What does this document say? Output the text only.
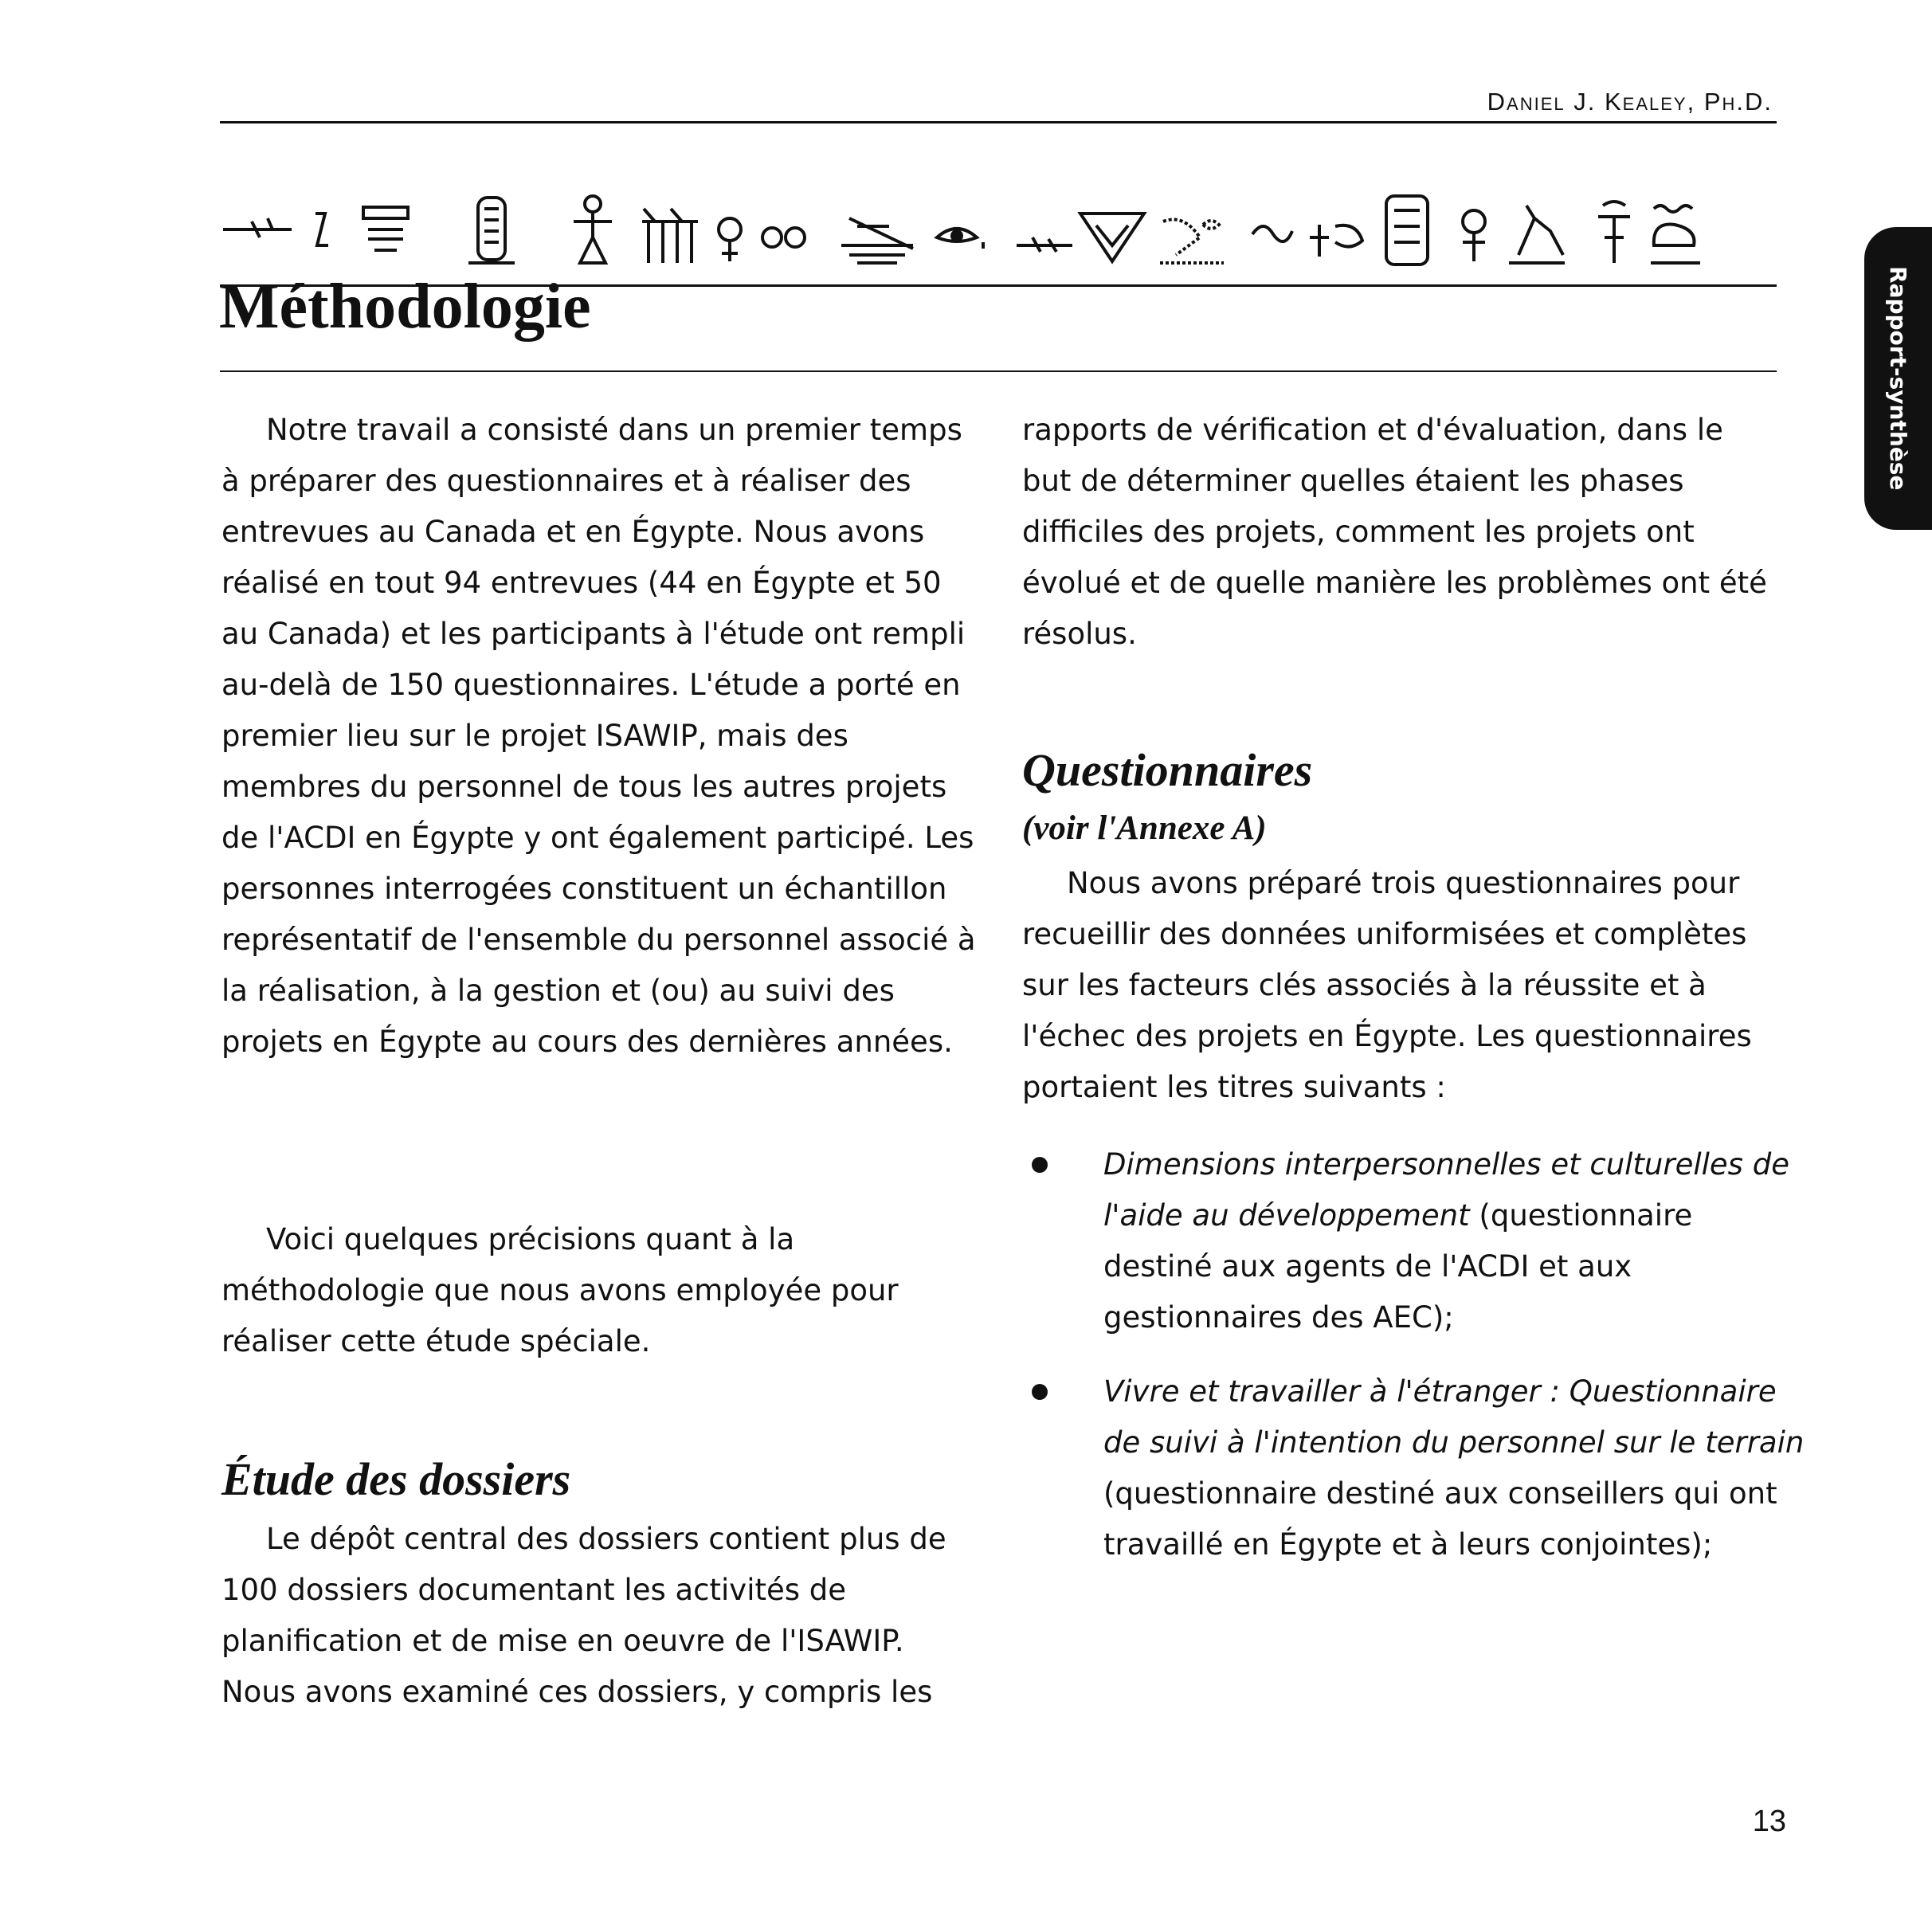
Daniel J. Kealey, Ph.D.
Méthodologie

Notre travail a consisté dans un premier temps à préparer des questionnaires et à réaliser des entrevues au Canada et en Égypte. Nous avons réalisé en tout 94 entrevues (44 en Égypte et 50 au Canada) et les participants à l'étude ont rempli au-delà de 150 questionnaires. L'étude a porté en premier lieu sur le projet ISAWIP, mais des membres du personnel de tous les autres projets de l'ACDI en Égypte y ont également participé. Les personnes interrogées constituent un échantillon représentatif de l'ensemble du personnel associé à la réalisation, à la gestion et (ou) au suivi des projets en Égypte au cours des dernières années.

Voici quelques précisions quant à la méthodologie que nous avons employée pour réaliser cette étude spéciale.

Étude des dossiers

Le dépôt central des dossiers contient plus de 100 dossiers documentant les activités de planification et de mise en oeuvre de l'ISAWIP. Nous avons examiné ces dossiers, y compris les

rapports de vérification et d'évaluation, dans le but de déterminer quelles étaient les phases difficiles des projets, comment les projets ont évolué et de quelle manière les problèmes ont été résolus.

Questionnaires

(voir l'Annexe A)

Nous avons préparé trois questionnaires pour recueillir des données uniformisées et complètes sur les facteurs clés associés à la réussite et à l'échec des projets en Égypte. Les questionnaires portaient les titres suivants :

Dimensions interpersonnelles et culturelles de l'aide au développement (questionnaire destiné aux agents de l'ACDI et aux gestionnaires des AEC);

Vivre et travailler à l'étranger : Questionnaire de suivi à l'intention du personnel sur le terrain (questionnaire destiné aux conseillers qui ont travaillé en Égypte et à leurs conjointes);

Rapport-synthèse
13
